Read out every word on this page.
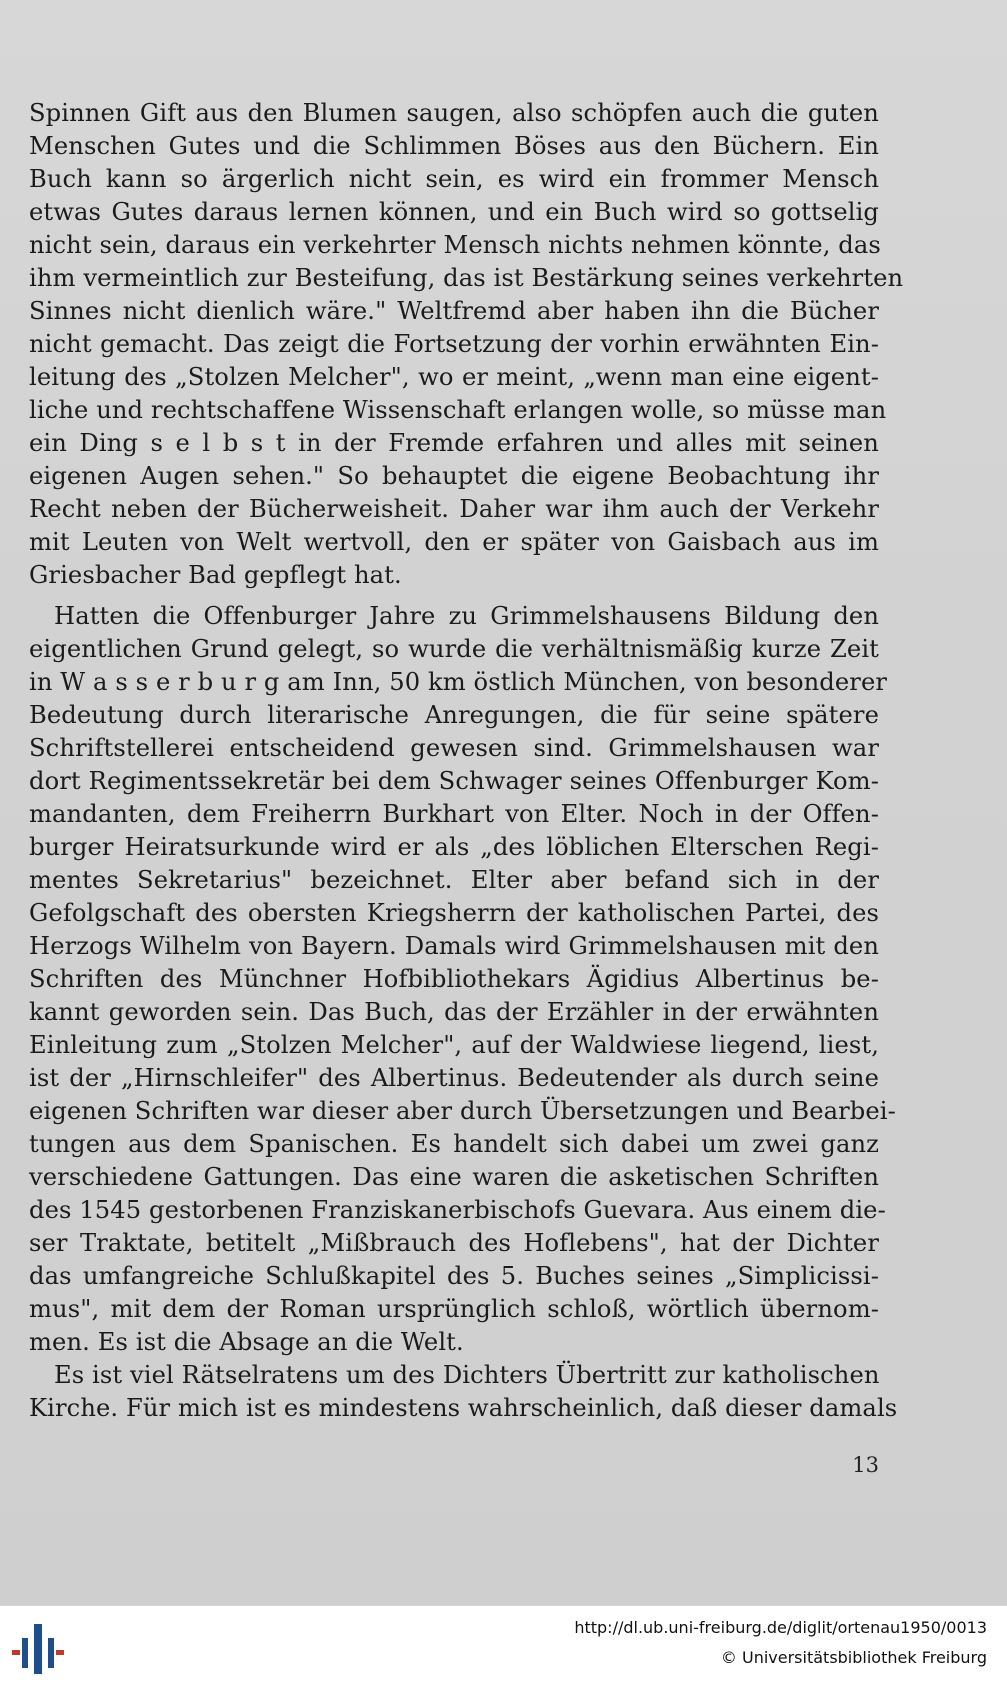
Spinnen Gift aus den Blumen saugen, also schöpfen auch die guten
Menschen Gutes und die Schlimmen Böses aus den Büchern. Ein
Buch kann so ärgerlich nicht sein, es wird ein frommer Mensch
etwas Gutes daraus lernen können, und ein Buch wird so gottselig
nicht sein, daraus ein verkehrter Mensch nichts nehmen könnte, das
ihm vermeintlich zur Besteifung, das ist Bestärkung seines verkehrten
Sinnes nicht dienlich wäre." Weltfremd aber haben ihn die Bücher
nicht gemacht. Das zeigt die Fortsetzung der vorhin erwähnten Ein-
leitung des „Stolzen Melcher", wo er meint, „wenn man eine eigent-
liche und rechtschaffene Wissenschaft erlangen wolle, so müsse man
ein Ding s e l b s t in der Fremde erfahren und alles mit seinen
eigenen Augen sehen." So behauptet die eigene Beobachtung ihr
Recht neben der Bücherweisheit. Daher war ihm auch der Verkehr
mit Leuten von Welt wertvoll, den er später von Gaisbach aus im
Griesbacher Bad gepflegt hat.
Hatten die Offenburger Jahre zu Grimmelshausens Bildung den
eigentlichen Grund gelegt, so wurde die verhältnismäßig kurze Zeit
in W a s s e r b u r g am Inn, 50 km östlich München, von besonderer
Bedeutung durch literarische Anregungen, die für seine spätere
Schriftstellerei entscheidend gewesen sind. Grimmelshausen war
dort Regimentssekretär bei dem Schwager seines Offenburger Kom-
mandanten, dem Freiherrn Burkhart von Elter. Noch in der Offen-
burger Heiratsurkunde wird er als „des löblichen Elterschen Regi-
mentes Sekretarius" bezeichnet. Elter aber befand sich in der
Gefolgschaft des obersten Kriegsherrn der katholischen Partei, des
Herzogs Wilhelm von Bayern. Damals wird Grimmelshausen mit den
Schriften des Münchner Hofbibliothekars Ägidius Albertinus be-
kannt geworden sein. Das Buch, das der Erzähler in der erwähnten
Einleitung zum „Stolzen Melcher", auf der Waldwiese liegend, liest,
ist der „Hirnschleifer" des Albertinus. Bedeutender als durch seine
eigenen Schriften war dieser aber durch Übersetzungen und Bearbei-
tungen aus dem Spanischen. Es handelt sich dabei um zwei ganz
verschiedene Gattungen. Das eine waren die asketischen Schriften
des 1545 gestorbenen Franziskanerbischofs Guevara. Aus einem die-
ser Traktate, betitelt „Mißbrauch des Hoflebens", hat der Dichter
das umfangreiche Schlußkapitel des 5. Buches seines „Simplicissi-
mus", mit dem der Roman ursprünglich schloß, wörtlich übernom-
men. Es ist die Absage an die Welt.
Es ist viel Rätselratens um des Dichters Übertritt zur katholischen
Kirche. Für mich ist es mindestens wahrscheinlich, daß dieser damals
13
http://dl.ub.uni-freiburg.de/diglit/ortenau1950/0013
© Universitätsbibliothek Freiburg
